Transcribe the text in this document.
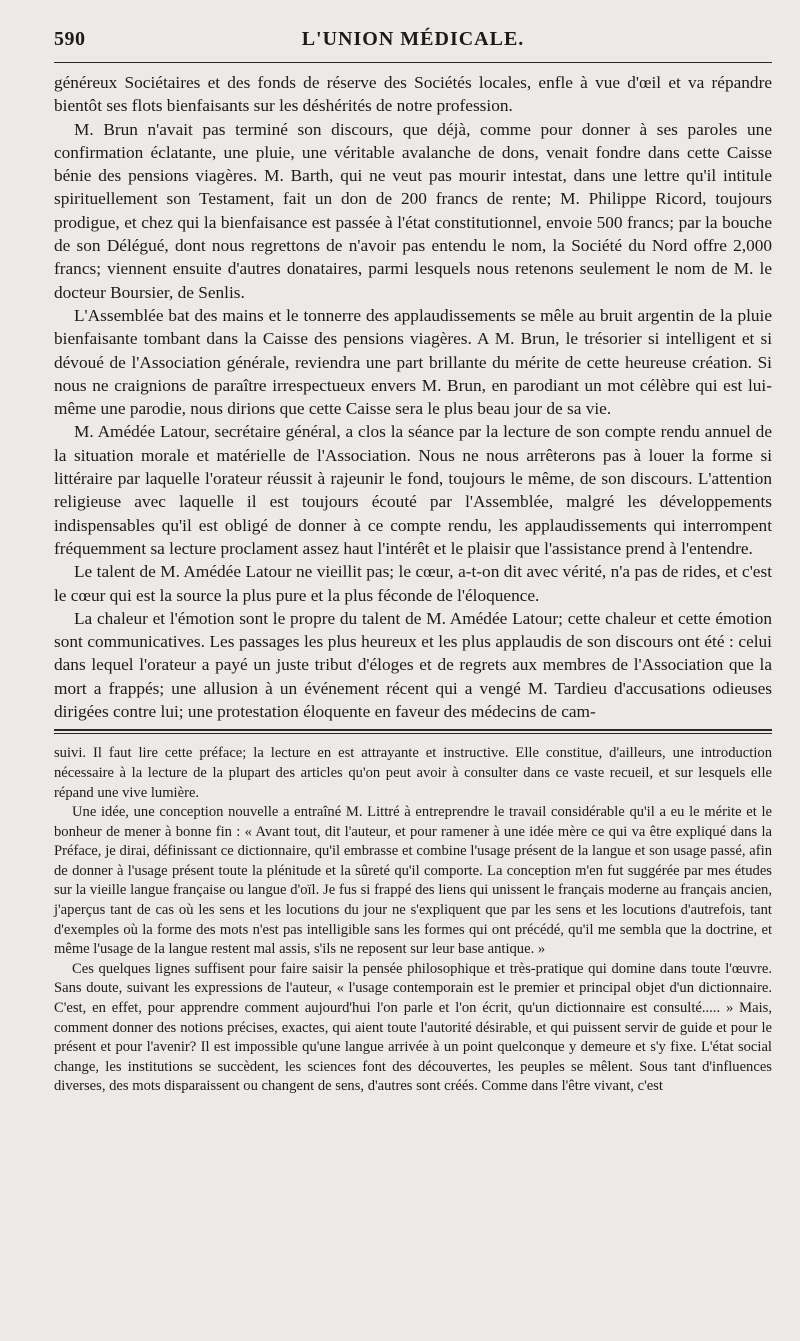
590	L'UNION MÉDICALE.

généreux Sociétaires et des fonds de réserve des Sociétés locales, enfle à vue d'œil et va répandre bientôt ses flots bienfaisants sur les déshérités de notre profession.

M. Brun n'avait pas terminé son discours, que déjà, comme pour donner à ses paroles une confirmation éclatante, une pluie, une véritable avalanche de dons, venait fondre dans cette Caisse bénie des pensions viagères. M. Barth, qui ne veut pas mourir intestat, dans une lettre qu'il intitule spirituellement son Testament, fait un don de 200 francs de rente; M. Philippe Ricord, toujours prodigue, et chez qui la bienfaisance est passée à l'état constitutionnel, envoie 500 francs; par la bouche de son Délégué, dont nous regrettons de n'avoir pas entendu le nom, la Société du Nord offre 2,000 francs; viennent ensuite d'autres donataires, parmi lesquels nous retenons seulement le nom de M. le docteur Boursier, de Senlis.

L'Assemblée bat des mains et le tonnerre des applaudissements se mêle au bruit argentin de la pluie bienfaisante tombant dans la Caisse des pensions viagères. A M. Brun, le trésorier si intelligent et si dévoué de l'Association générale, reviendra une part brillante du mérite de cette heureuse création. Si nous ne craignions de paraître irrespectueux envers M. Brun, en parodiant un mot célèbre qui est lui-même une parodie, nous dirions que cette Caisse sera le plus beau jour de sa vie.

M. Amédée Latour, secrétaire général, a clos la séance par la lecture de son compte rendu annuel de la situation morale et matérielle de l'Association. Nous ne nous arrêterons pas à louer la forme si littéraire par laquelle l'orateur réussit à rajeunir le fond, toujours le même, de son discours. L'attention religieuse avec laquelle il est toujours écouté par l'Assemblée, malgré les développements indispensables qu'il est obligé de donner à ce compte rendu, les applaudissements qui interrompent fréquemment sa lecture proclament assez haut l'intérêt et le plaisir que l'assistance prend à l'entendre.

Le talent de M. Amédée Latour ne vieillit pas; le cœur, a-t-on dit avec vérité, n'a pas de rides, et c'est le cœur qui est la source la plus pure et la plus féconde de l'éloquence.

La chaleur et l'émotion sont le propre du talent de M. Amédée Latour; cette chaleur et cette émotion sont communicatives. Les passages les plus heureux et les plus applaudis de son discours ont été : celui dans lequel l'orateur a payé un juste tribut d'éloges et de regrets aux membres de l'Association que la mort a frappés; une allusion à un événement récent qui a vengé M. Tardieu d'accusations odieuses dirigées contre lui; une protestation éloquente en faveur des médecins de cam-

suivi. Il faut lire cette préface; la lecture en est attrayante et instructive. Elle constitue, d'ailleurs, une introduction nécessaire à la lecture de la plupart des articles qu'on peut avoir à consulter dans ce vaste recueil, et sur lesquels elle répand une vive lumière.

Une idée, une conception nouvelle a entraîné M. Littré à entreprendre le travail considérable qu'il a eu le mérite et le bonheur de mener à bonne fin : « Avant tout, dit l'auteur, et pour ramener à une idée mère ce qui va être expliqué dans la Préface, je dirai, définissant ce dictionnaire, qu'il embrasse et combine l'usage présent de la langue et son usage passé, afin de donner à l'usage présent toute la plénitude et la sûreté qu'il comporte. La conception m'en fut suggérée par mes études sur la vieille langue française ou langue d'oïl. Je fus si frappé des liens qui unissent le français moderne au français ancien, j'aperçus tant de cas où les sens et les locutions du jour ne s'expliquent que par les sens et les locutions d'autrefois, tant d'exemples où la forme des mots n'est pas intelligible sans les formes qui ont précédé, qu'il me sembla que la doctrine, et même l'usage de la langue restent mal assis, s'ils ne reposent sur leur base antique. »

Ces quelques lignes suffisent pour faire saisir la pensée philosophique et très-pratique qui domine dans toute l'œuvre. Sans doute, suivant les expressions de l'auteur, « l'usage contemporain est le premier et principal objet d'un dictionnaire. C'est, en effet, pour apprendre comment aujourd'hui l'on parle et l'on écrit, qu'un dictionnaire est consulté..... » Mais, comment donner des notions précises, exactes, qui aient toute l'autorité désirable, et qui puissent servir de guide et pour le présent et pour l'avenir? Il est impossible qu'une langue arrivée à un point quelconque y demeure et s'y fixe. L'état social change, les institutions se succèdent, les sciences font des découvertes, les peuples se mêlent. Sous tant d'influences diverses, des mots disparaissent ou changent de sens, d'autres sont créés. Comme dans l'être vivant, c'est
